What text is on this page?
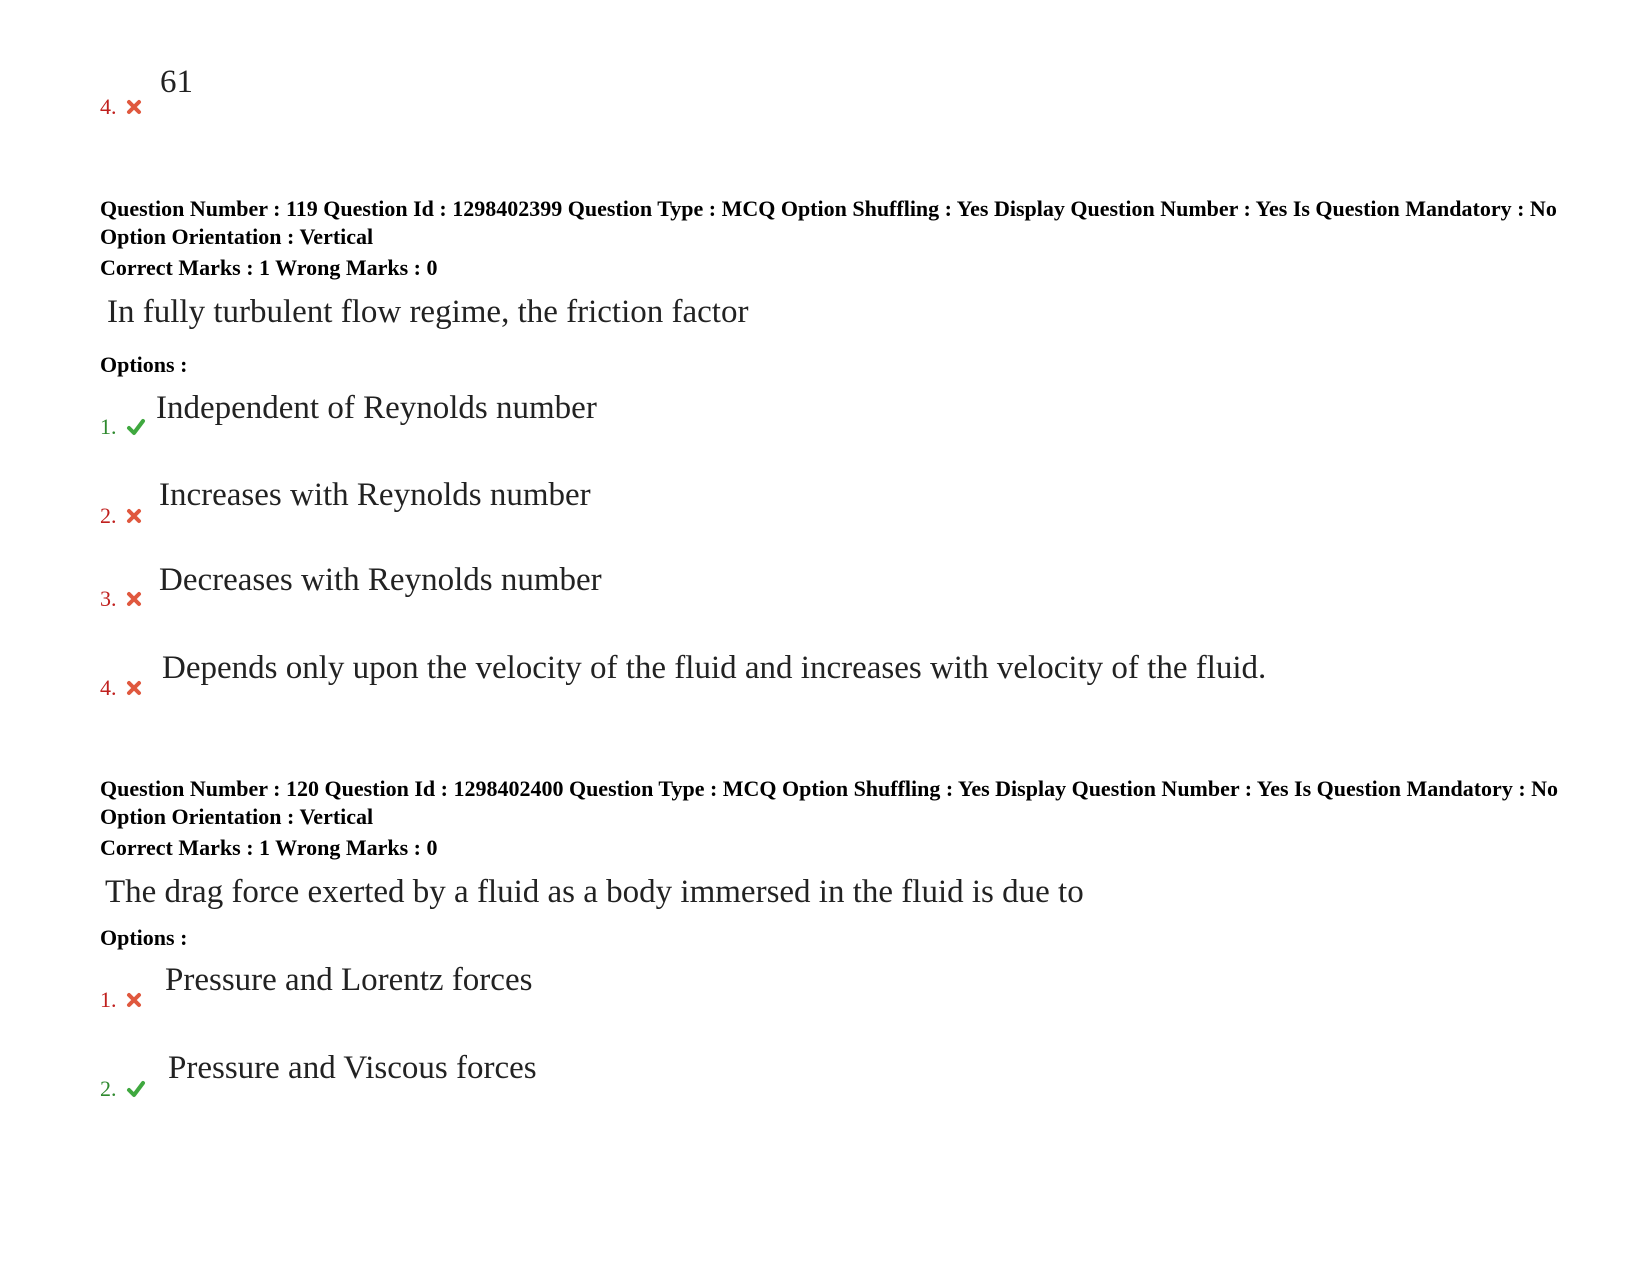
4.
61
Question Number : 119 Question Id : 1298402399 Question Type : MCQ Option Shuffling : Yes Display Question Number : Yes Is Question Mandatory : No Option Orientation : Vertical
Correct Marks : 1 Wrong Marks : 0
In fully turbulent flow regime, the friction factor
Options :
1.
Independent of Reynolds number
2.
Increases with Reynolds number
3.
Decreases with Reynolds number
4.
Depends only upon the velocity of the fluid and increases with velocity of the fluid.
Question Number : 120 Question Id : 1298402400 Question Type : MCQ Option Shuffling : Yes Display Question Number : Yes Is Question Mandatory : No Option Orientation : Vertical
Correct Marks : 1 Wrong Marks : 0
The drag force exerted by a fluid as a body immersed in the fluid is due to
Options :
1.
Pressure and Lorentz forces
2.
Pressure and Viscous forces
